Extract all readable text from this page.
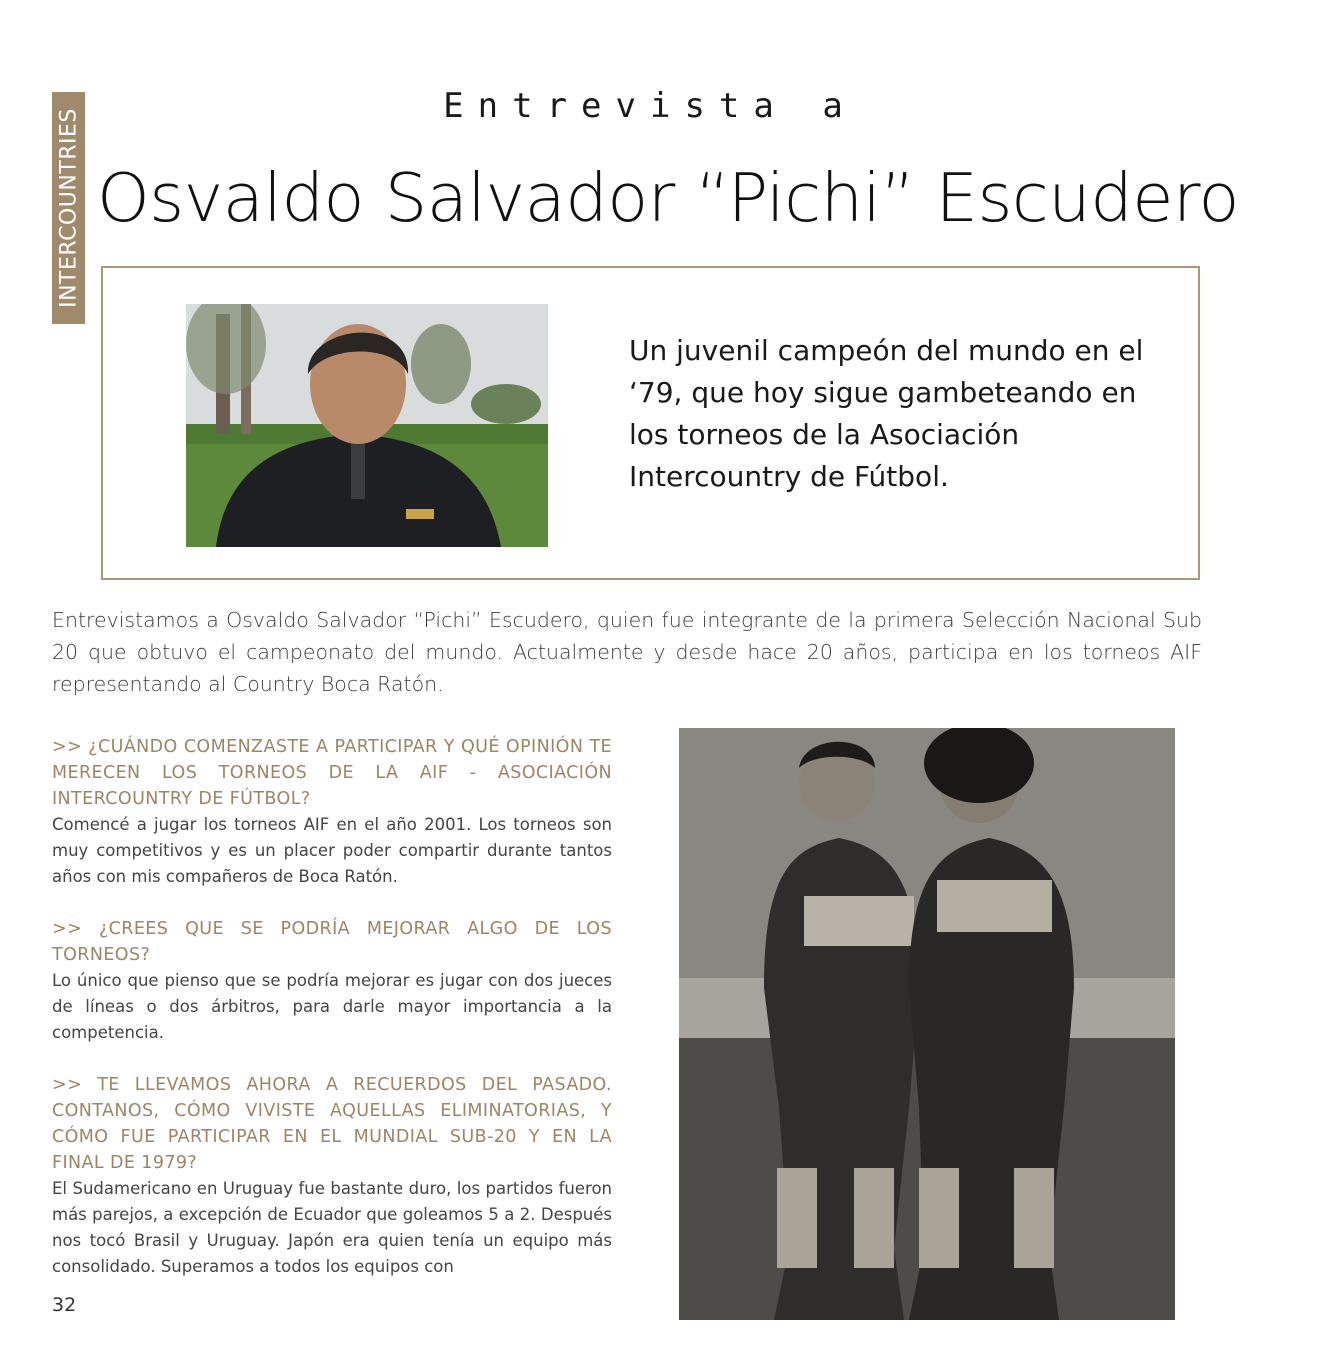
INTERCOUNTRIES
Entrevista a
Osvaldo Salvador “Pichi” Escudero
Un juvenil campeón del mundo en el ‘79, que hoy sigue gambeteando en los torneos de la Asociación Intercountry de Fútbol.
Entrevistamos a Osvaldo Salvador “Pichi” Escudero, quien fue integrante de la primera Selección Nacional Sub 20 que obtuvo el campeonato del mundo. Actualmente y desde hace 20 años, participa en los torneos AIF representando al Country Boca Ratón.
>> ¿CUÁNDO COMENZASTE A PARTICIPAR Y QUÉ OPINIÓN TE MERECEN LOS TORNEOS DE LA AIF - ASOCIACIÓN INTERCOUNTRY DE FÚTBOL?
Comencé a jugar los torneos AIF en el año 2001. Los torneos son muy competitivos y es un placer poder compartir durante tantos años con mis compañeros de Boca Ratón.
>> ¿CREES QUE SE PODRÍA MEJORAR ALGO DE LOS TORNEOS?
Lo único que pienso que se podría mejorar es jugar con dos jueces de líneas o dos árbitros, para darle mayor importancia a la competencia.
>> TE LLEVAMOS AHORA A RECUERDOS DEL PASADO. CONTANOS, CÓMO VIVISTE AQUELLAS ELIMINATORIAS, Y CÓMO FUE PARTICIPAR EN EL MUNDIAL SUB-20 Y EN LA FINAL DE 1979?
El Sudamericano en Uruguay fue bastante duro, los partidos fueron más parejos, a excepción de Ecuador que goleamos 5 a 2. Después nos tocó Brasil y Uruguay. Japón era quien tenía un equipo más consolidado. Superamos a todos los equipos con
32
